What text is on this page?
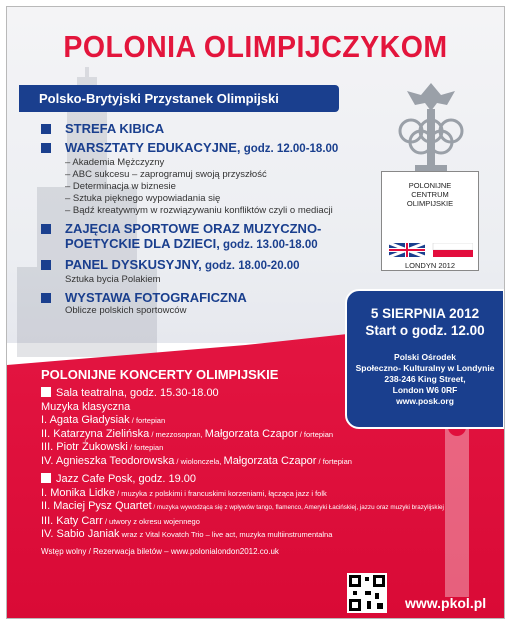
POLONIA OLIMPIJCZYKOM
Polsko-Brytyjski Przystanek Olimpijski
STREFA KIBICA
WARSZTATY EDUKACYJNE, godz. 12.00-18.00
– Akademia Mężczyzny
– ABC sukcesu – zaprogramuj swoją przyszłość
– Determinacja w biznesie
– Sztuka pięknego wypowiadania się
– Bądź kreatywnym w rozwiązywaniu konfliktów czyli o mediacji
ZAJĘCIA SPORTOWE ORAZ MUZYCZNO-POETYCKIE DLA DZIECI, godz. 13.00-18.00
PANEL DYSKUSYJNY, godz. 18.00-20.00
Sztuka bycia Polakiem
WYSTAWA FOTOGRAFICZNA
Oblicze polskich sportowców
POLONIJNE
CENTRUM
OLIMPIJSKIE
LONDYN 2012
5 SIERPNIA 2012
Start o godz. 12.00
Polski Ośrodek
Społeczno- Kulturalny w Londynie
238-246 King Street,
London W6 0RF
www.posk.org
POLONIJNE KONCERTY OLIMPIJSKIE
Sala teatralna, godz. 15.30-18.00
Muzyka klasyczna
I. Agata Gładysiak / fortepian
II. Katarzyna Zielińska / mezzosopran, Małgorzata Czapor / fortepian
III. Piotr Żukowski / fortepian
IV. Agnieszka Teodorowska / wiolonczela, Małgorzata Czapor / fortepian
Jazz Cafe Posk, godz. 19.00
I. Monika Lidke / muzyka z polskimi i francuskimi korzeniami, łącząca jazz i folk
II. Maciej Pysz Quartet / muzyka wywodząca się z wpływów tango, flamenco, Ameryki Łacińskiej, jazzu oraz muzyki brazylijskiej
III. Katy Carr / utwory z okresu wojennego
IV. Sabio Janiak wraz z Vital Kovatch Trio – live act, muzyka multiinstrumentalna
Wstęp wolny / Rezerwacja biletów – www.polonialondon2012.co.uk
www.pkol.pl
